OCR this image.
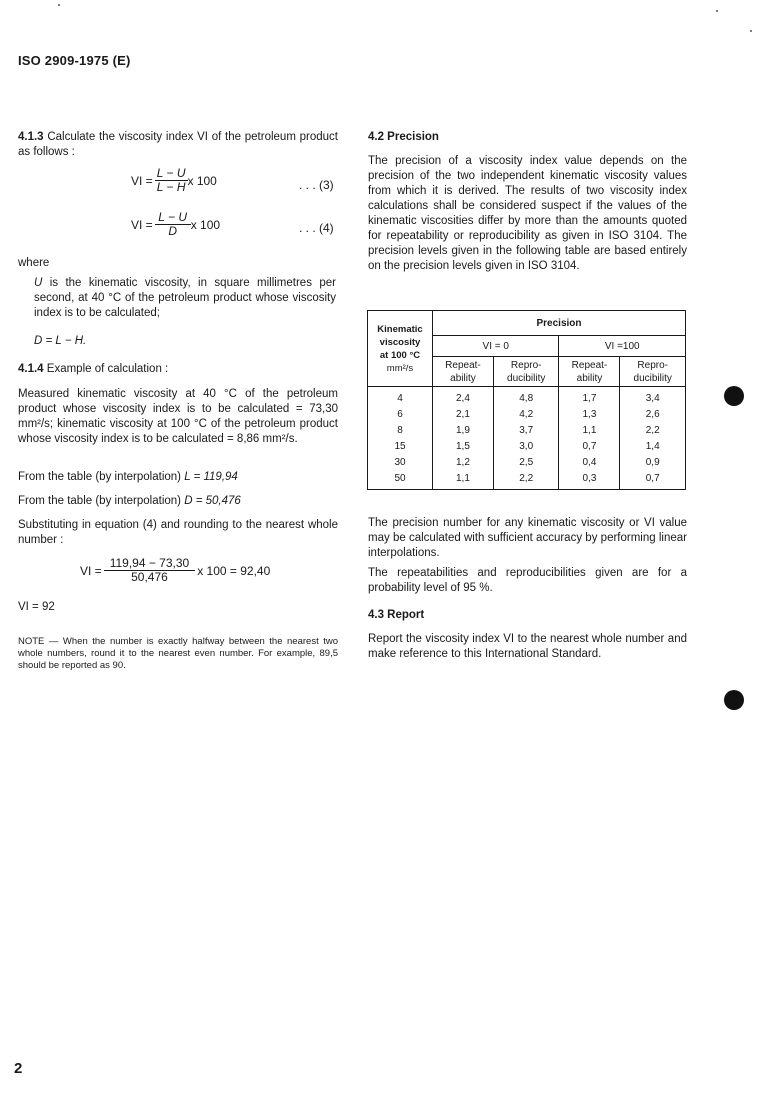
ISO 2909-1975 (E)
2

4.1.3 Calculate the viscosity index VI of the petroleum product as follows :

VI = $\frac{L - U}{L - H}$ x 100	. . . (3)
VI = $\frac{L - U}{D}$ x 100	. . . (4)
where

U is the kinematic viscosity, in square millimetres per second, at 40 °C of the petroleum product whose viscosity index is to be calculated;

D = L − H.

4.1.4 Example of calculation :

Measured kinematic viscosity at 40 °C of the petroleum product whose viscosity index is to be calculated = 73,30 mm²/s; kinematic viscosity at 100 °C of the petroleum product whose viscosity index is to be calculated = 8,86 mm²/s.

From the table (by interpolation) L = 119,94

From the table (by interpolation) D = 50,476

Substituting in equation (4) and rounding to the nearest whole number :

VI = $\frac{119,94 - 73,30}{50,476}$ x 100 = 92,40
VI = 92

NOTE — When the number is exactly halfway between the nearest two whole numbers, round it to the nearest even number. For example, 89,5 should be reported as 90.

4.2 Precision

The precision of a viscosity index value depends on the precision of the two independent kinematic viscosity values from which it is derived. The results of two viscosity index calculations shall be considered suspect if the values of the kinematic viscosities differ by more than the amounts quoted for repeatability or reproducibility as given in ISO 3104. The precision levels given in the following table are based entirely on the precision levels given in ISO 3104.

Kinematic
viscosity
at 100 °C
mm²/s	Precision			
	VI = 0		VI =100	
	Repeat-
ability	Repro-
ducibility	Repeat-
ability	Repro-
ducibility
4	2,4	4,8	1,7	3,4
6	2,1	4,2	1,3	2,6
8	1,9	3,7	1,1	2,2
15	1,5	3,0	0,7	1,4
30	1,2	2,5	0,4	0,9
50	1,1	2,2	0,3	0,7

The precision number for any kinematic viscosity or VI value may be calculated with sufficient accuracy by performing linear interpolations.

The repeatabilities and reproducibilities given are for a probability level of 95 %.

4.3 Report

Report the viscosity index VI to the nearest whole number and make reference to this International Standard.
